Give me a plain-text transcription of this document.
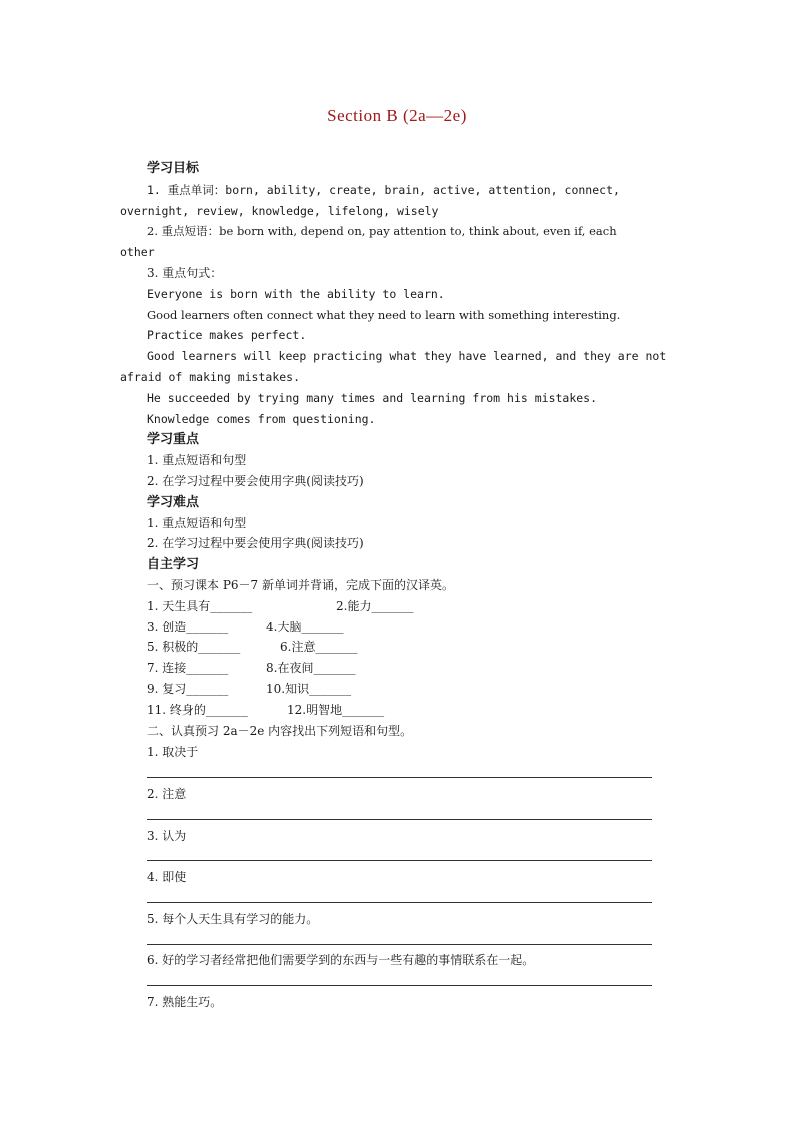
Section B (2a—2e)
学习目标
1. 重点单词：born, ability, create, brain, active, attention, connect,
overnight, review, knowledge, lifelong, wisely
2. 重点短语：be born with, depend on, pay attention to, think about, even if, each
other
3. 重点句式：
Everyone is born with the ability to learn.
Good learners often connect what they need to learn with something interesting.
Practice makes perfect.
Good learners will keep practicing what they have learned, and they are not
afraid of making mistakes.
He succeeded by trying many times and learning from his mistakes.
Knowledge comes from questioning.
学习重点
1. 重点短语和句型
2. 在学习过程中要会使用字典(阅读技巧)
学习难点
1. 重点短语和句型
2. 在学习过程中要会使用字典(阅读技巧)
自主学习
一、预习课本 P6－7 新单词并背诵，完成下面的汉译英。
1. 天生具有_______	2.能力_______
3. 创造_______	4.大脑_______
5. 积极的_______	6.注意_______
7. 连接_______	8.在夜间_______
9. 复习_______	10.知识_______
11. 终身的_______	12.明智地_______
二、认真预习 2a－2e 内容找出下列短语和句型。
1. 取决于
2. 注意
3. 认为
4. 即使
5. 每个人天生具有学习的能力。
6. 好的学习者经常把他们需要学到的东西与一些有趣的事情联系在一起。
7. 熟能生巧。
